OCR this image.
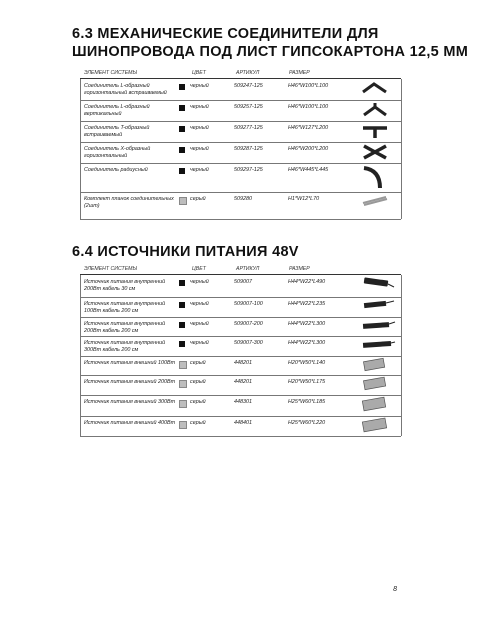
6.3 МЕХАНИЧЕСКИЕ СОЕДИНИТЕЛИ ДЛЯ
ШИНОПРОВОДА ПОД ЛИСТ ГИПСОКАРТОНА 12,5 ММ
ЭЛЕМЕНТ СИСТЕМЫ	ЦВЕТ	АРТИКУЛ	РАЗМЕР
Соединитель L-образный горизонтальный встраиваемый
черный	509247-125	H46*W100*L100
Соединитель L-образный вертикальный
черный	509257-125	H46*W100*L100
Соединитель T-образный встраиваемый
черный	509277-125	H46*W127*L200
Соединитель X-образный горизонтальный
черный	509287-125	H46*W200*L200
Соединитель радиусный	черный	509297-125	H46*W445*L445
Комплект планок соединительных (2шт)
серый	509280	H1*W12*L70
6.4 ИСТОЧНИКИ ПИТАНИЯ 48V
ЭЛЕМЕНТ СИСТЕМЫ	ЦВЕТ	АРТИКУЛ	РАЗМЕР
Источник питания внутренний 200Вт кабель 30 см
черный	509007	H44*W22*L490
Источник питания внутренний 100Вт кабель 200 см
черный	509007-100	H44*W22*L235
Источник питания внутренний 200Вт кабель 200 см
черный	509007-200	H44*W22*L300
Источник питания внутренний 300Вт кабель 200 см
черный	509007-300	H44*W22*L300
Источник питания внешний 100Вт	серый	448201	H20*W50*L140
Источник питания внешний 200Вт	серый	448201	H20*W50*L175
Источник питания внешний 300Вт	серый	448301	H25*W60*L185
Источник питания внешний 400Вт	серый	448401	H25*W60*L220
8
